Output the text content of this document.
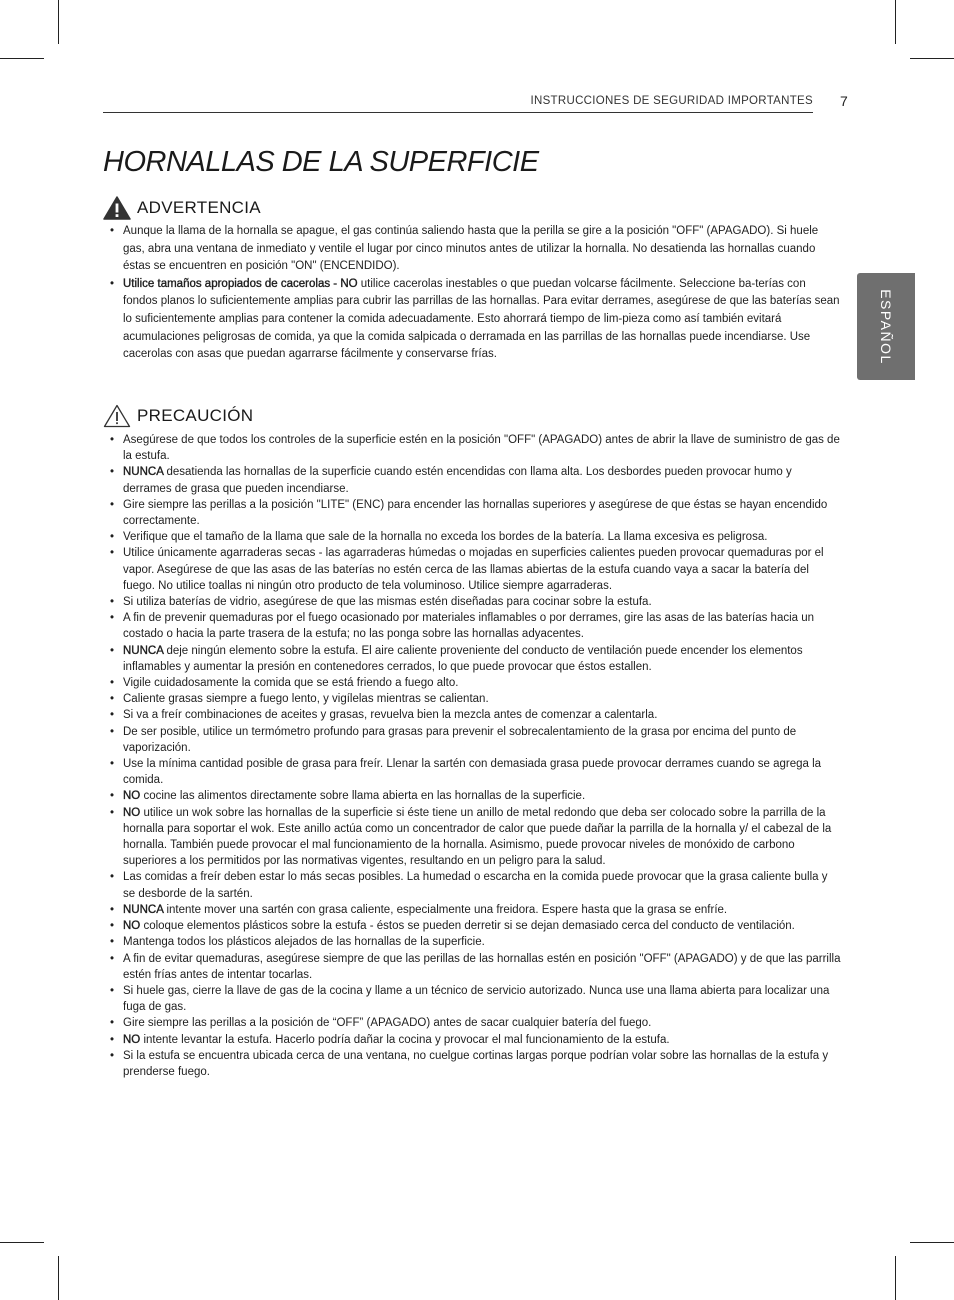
INSTRUCCIONES DE SEGURIDAD IMPORTANTES 7
ESPAÑOL
HORNALLAS DE LA SUPERFICIE
ADVERTENCIA
• Aunque la llama de la hornalla se apague, el gas continúa saliendo hasta que la perilla se gire a la posición "OFF" (APAGADO). Si huele gas, abra una ventana de inmediato y ventile el lugar por cinco minutos antes de utilizar la hornalla. No desatienda las hornallas cuando éstas se encuentren en posición "ON" (ENCENDIDO).
• Utilice tamaños apropiados de cacerolas - NO utilice cacerolas inestables o que puedan volcarse fácilmente. Seleccione ba-terías con fondos planos lo suficientemente amplias para cubrir las parrillas de las hornallas. Para evitar derrames, asegúrese de que las baterías sean lo suficientemente amplias para contener la comida adecuadamente. Esto ahorrará tiempo de lim-pieza como así también evitará acumulaciones peligrosas de comida, ya que la comida salpicada o derramada en las parrillas de las hornallas puede incendiarse. Use cacerolas con asas que puedan agarrarse fácilmente y conservarse frías.
PRECAUCIÓN
• Asegúrese de que todos los controles de la superficie estén en la posición "OFF" (APAGADO) antes de abrir la llave de suministro de gas de la estufa.
• NUNCA desatienda las hornallas de la superficie cuando estén encendidas con llama alta. Los desbordes pueden provocar humo y derrames de grasa que pueden incendiarse.
• Gire siempre las perillas a la posición "LITE" (ENC) para encender las hornallas superiores y asegúrese de que éstas se hayan encendido correctamente.
• Verifique que el tamaño de la llama que sale de la hornalla no exceda los bordes de la batería. La llama excesiva es peligrosa.
• Utilice únicamente agarraderas secas - las agarraderas húmedas o mojadas en superficies calientes pueden provocar quemaduras por el vapor. Asegúrese de que las asas de las baterías no estén cerca de las llamas abiertas de la estufa cuando vaya a sacar la batería del fuego. No utilice toallas ni ningún otro producto de tela voluminoso. Utilice siempre agarraderas.
• Si utiliza baterías de vidrio, asegúrese de que las mismas estén diseñadas para cocinar sobre la estufa.
• A fin de prevenir quemaduras por el fuego ocasionado por materiales inflamables o por derrames, gire las asas de las baterías hacia un costado o hacia la parte trasera de la estufa; no las ponga sobre las hornallas adyacentes.
• NUNCA deje ningún elemento sobre la estufa. El aire caliente proveniente del conducto de ventilación puede encender los elementos inflamables y aumentar la presión en contenedores cerrados, lo que puede provocar que éstos estallen.
• Vigile cuidadosamente la comida que se está friendo a fuego alto.
• Caliente grasas siempre a fuego lento, y vigílelas mientras se calientan.
• Si va a freír combinaciones de aceites y grasas, revuelva bien la mezcla antes de comenzar a calentarla.
• De ser posible, utilice un termómetro profundo para grasas para prevenir el sobrecalentamiento de la grasa por encima del punto de vaporización.
• Use la mínima cantidad posible de grasa para freír. Llenar la sartén con demasiada grasa puede provocar derrames cuando se agrega la comida.
• NO cocine las alimentos directamente sobre llama abierta en las hornallas de la superficie.
• NO utilice un wok sobre las hornallas de la superficie si éste tiene un anillo de metal redondo que deba ser colocado sobre la parrilla de la hornalla para soportar el wok. Este anillo actúa como un concentrador de calor que puede dañar la parrilla de la hornalla y/ el cabezal de la hornalla. También puede provocar el mal funcionamiento de la hornalla. Asimismo, puede provocar niveles de monóxido de carbono superiores a los permitidos por las normativas vigentes, resultando en un peligro para la salud.
• Las comidas a freír deben estar lo más secas posibles. La humedad o escarcha en la comida puede provocar que la grasa caliente bulla y se desborde de la sartén.
• NUNCA intente mover una sartén con grasa caliente, especialmente una freidora. Espere hasta que la grasa se enfríe.
• NO coloque elementos plásticos sobre la estufa - éstos se pueden derretir si se dejan demasiado cerca del conducto de ventilación.
• Mantenga todos los plásticos alejados de las hornallas de la superficie.
• A fin de evitar quemaduras, asegúrese siempre de que las perillas de las hornallas estén en posición "OFF" (APAGADO) y de que las parrilla estén frías antes de intentar tocarlas.
• Si huele gas, cierre la llave de gas de la cocina y llame a un técnico de servicio autorizado. Nunca use una llama abierta para localizar una fuga de gas.
• Gire siempre las perillas a la posición de “OFF” (APAGADO) antes de sacar cualquier batería del fuego.
• NO intente levantar la estufa. Hacerlo podría dañar la cocina y provocar el mal funcionamiento de la estufa.
• Si la estufa se encuentra ubicada cerca de una ventana, no cuelgue cortinas largas porque podrían volar sobre las hornallas de la estufa y prenderse fuego.
